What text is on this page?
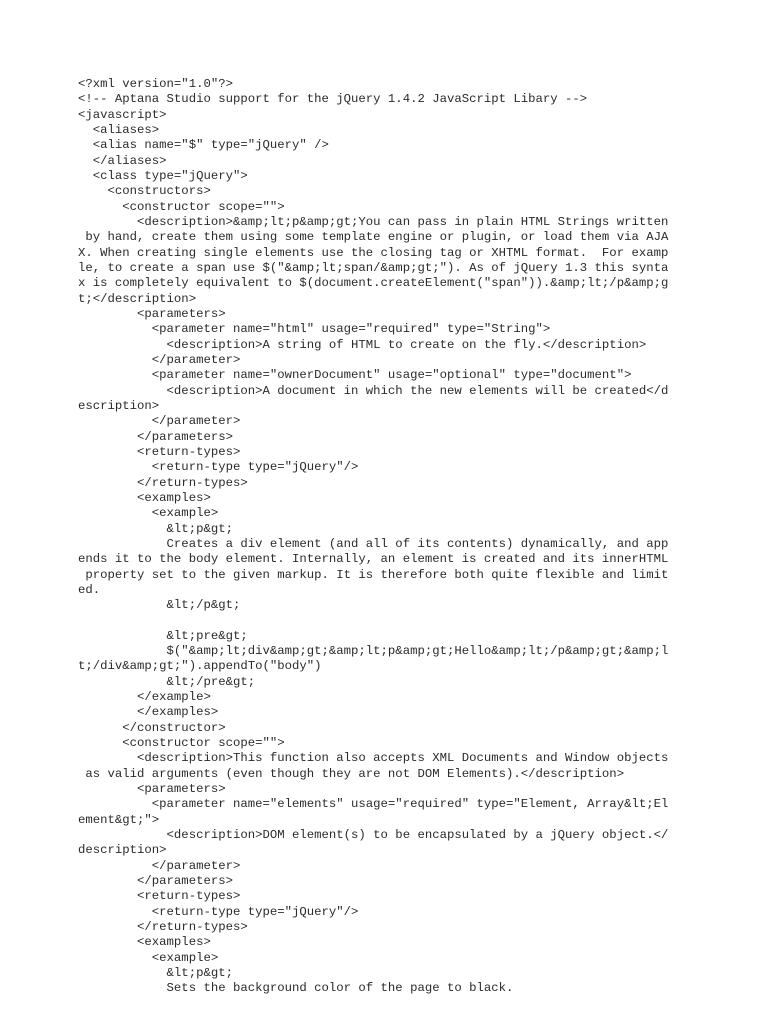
<?xml version="1.0"?>
<!-- Aptana Studio support for the jQuery 1.4.2 JavaScript Libary -->
<javascript>
<aliases>
<alias name="$" type="jQuery" />
</aliases>
<class type="jQuery">
<constructors>
<constructor scope="">
<description>&amp;lt;p&amp;gt;You can pass in plain HTML Strings written
by hand, create them using some template engine or plugin, or load them via AJA
X. When creating single elements use the closing tag or XHTML format.  For examp
le, to create a span use $("&amp;lt;span/&amp;gt;"). As of jQuery 1.3 this synta
x is completely equivalent to $(document.createElement("span")).&amp;lt;/p&amp;g
t;</description>
<parameters>
<parameter name="html" usage="required" type="String">
<description>A string of HTML to create on the fly.</description>
</parameter>
<parameter name="ownerDocument" usage="optional" type="document">
<description>A document in which the new elements will be created</d
escription>
</parameter>
</parameters>
<return-types>
<return-type type="jQuery"/>
</return-types>
<examples>
<example>
&lt;p&gt;
Creates a div element (and all of its contents) dynamically, and app
ends it to the body element. Internally, an element is created and its innerHTML
property set to the given markup. It is therefore both quite flexible and limit
ed.
&lt;/p&gt;
&lt;pre&gt;
$("&amp;lt;div&amp;gt;&amp;lt;p&amp;gt;Hello&amp;lt;/p&amp;gt;&amp;l
t;/div&amp;gt;").appendTo("body")
&lt;/pre&gt;
</example>
</examples>
</constructor>
<constructor scope="">
<description>This function also accepts XML Documents and Window objects
as valid arguments (even though they are not DOM Elements).</description>
<parameters>
<parameter name="elements" usage="required" type="Element, Array&lt;El
ement&gt;">
<description>DOM element(s) to be encapsulated by a jQuery object.</
description>
</parameter>
</parameters>
<return-types>
<return-type type="jQuery"/>
</return-types>
<examples>
<example>
&lt;p&gt;
Sets the background color of the page to black.
